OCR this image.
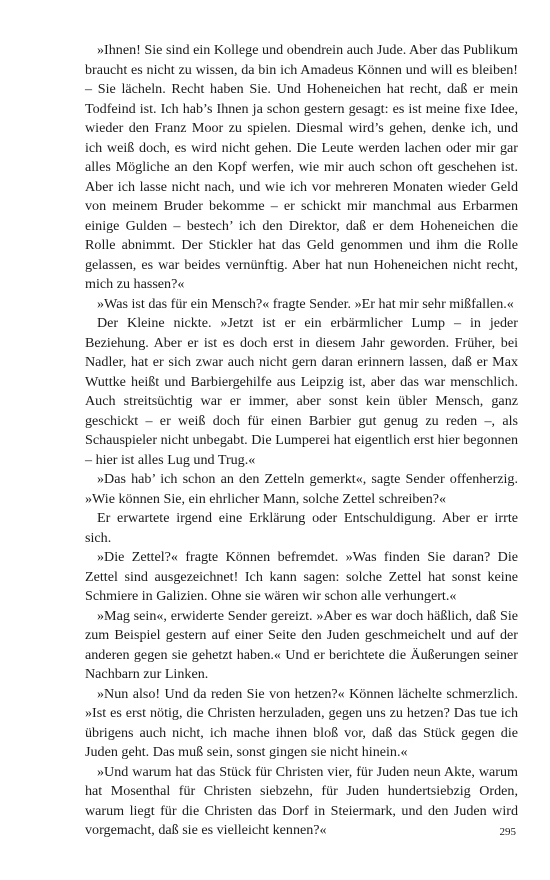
»Ihnen! Sie sind ein Kollege und obendrein auch Jude. Aber das Publikum braucht es nicht zu wissen, da bin ich Amadeus Können und will es bleiben! – Sie lächeln. Recht haben Sie. Und Hoheneichen hat recht, daß er mein Todfeind ist. Ich hab’s Ihnen ja schon gestern gesagt: es ist meine fixe Idee, wieder den Franz Moor zu spielen. Diesmal wird’s gehen, denke ich, und ich weiß doch, es wird nicht gehen. Die Leute werden lachen oder mir gar alles Mögliche an den Kopf werfen, wie mir auch schon oft geschehen ist. Aber ich lasse nicht nach, und wie ich vor mehreren Monaten wieder Geld von meinem Bruder bekomme – er schickt mir manchmal aus Erbarmen einige Gulden – bestech’ ich den Direktor, daß er dem Hoheneichen die Rolle abnimmt. Der Stickler hat das Geld genommen und ihm die Rolle gelassen, es war beides vernünftig. Aber hat nun Hoheneichen nicht recht, mich zu hassen?«

»Was ist das für ein Mensch?« fragte Sender. »Er hat mir sehr mißfallen.«

Der Kleine nickte. »Jetzt ist er ein erbärmlicher Lump – in jeder Beziehung. Aber er ist es doch erst in diesem Jahr geworden. Früher, bei Nadler, hat er sich zwar auch nicht gern daran erinnern lassen, daß er Max Wuttke heißt und Barbiergehilfe aus Leipzig ist, aber das war menschlich. Auch streitsüchtig war er immer, aber sonst kein übler Mensch, ganz geschickt – er weiß doch für einen Barbier gut genug zu reden –, als Schauspieler nicht unbegabt. Die Lumperei hat eigentlich erst hier begonnen – hier ist alles Lug und Trug.«

»Das hab’ ich schon an den Zetteln gemerkt«, sagte Sender offenherzig. »Wie können Sie, ein ehrlicher Mann, solche Zettel schreiben?«

Er erwartete irgend eine Erklärung oder Entschuldigung. Aber er irrte sich.

»Die Zettel?« fragte Können befremdet. »Was finden Sie daran? Die Zettel sind ausgezeichnet! Ich kann sagen: solche Zettel hat sonst keine Schmiere in Galizien. Ohne sie wären wir schon alle verhungert.«

»Mag sein«, erwiderte Sender gereizt. »Aber es war doch häßlich, daß Sie zum Beispiel gestern auf einer Seite den Juden geschmeichelt und auf der anderen gegen sie gehetzt haben.« Und er berichtete die Äußerungen seiner Nachbarn zur Linken.

»Nun also! Und da reden Sie von hetzen?« Können lächelte schmerzlich. »Ist es erst nötig, die Christen herzuladen, gegen uns zu hetzen? Das tue ich übrigens auch nicht, ich mache ihnen bloß vor, daß das Stück gegen die Juden geht. Das muß sein, sonst gingen sie nicht hinein.«

»Und warum hat das Stück für Christen vier, für Juden neun Akte, warum hat Mosenthal für Christen siebzehn, für Juden hundertsiebzig Orden, warum liegt für die Christen das Dorf in Steiermark, und den Juden wird vorgemacht, daß sie es vielleicht kennen?«	295
